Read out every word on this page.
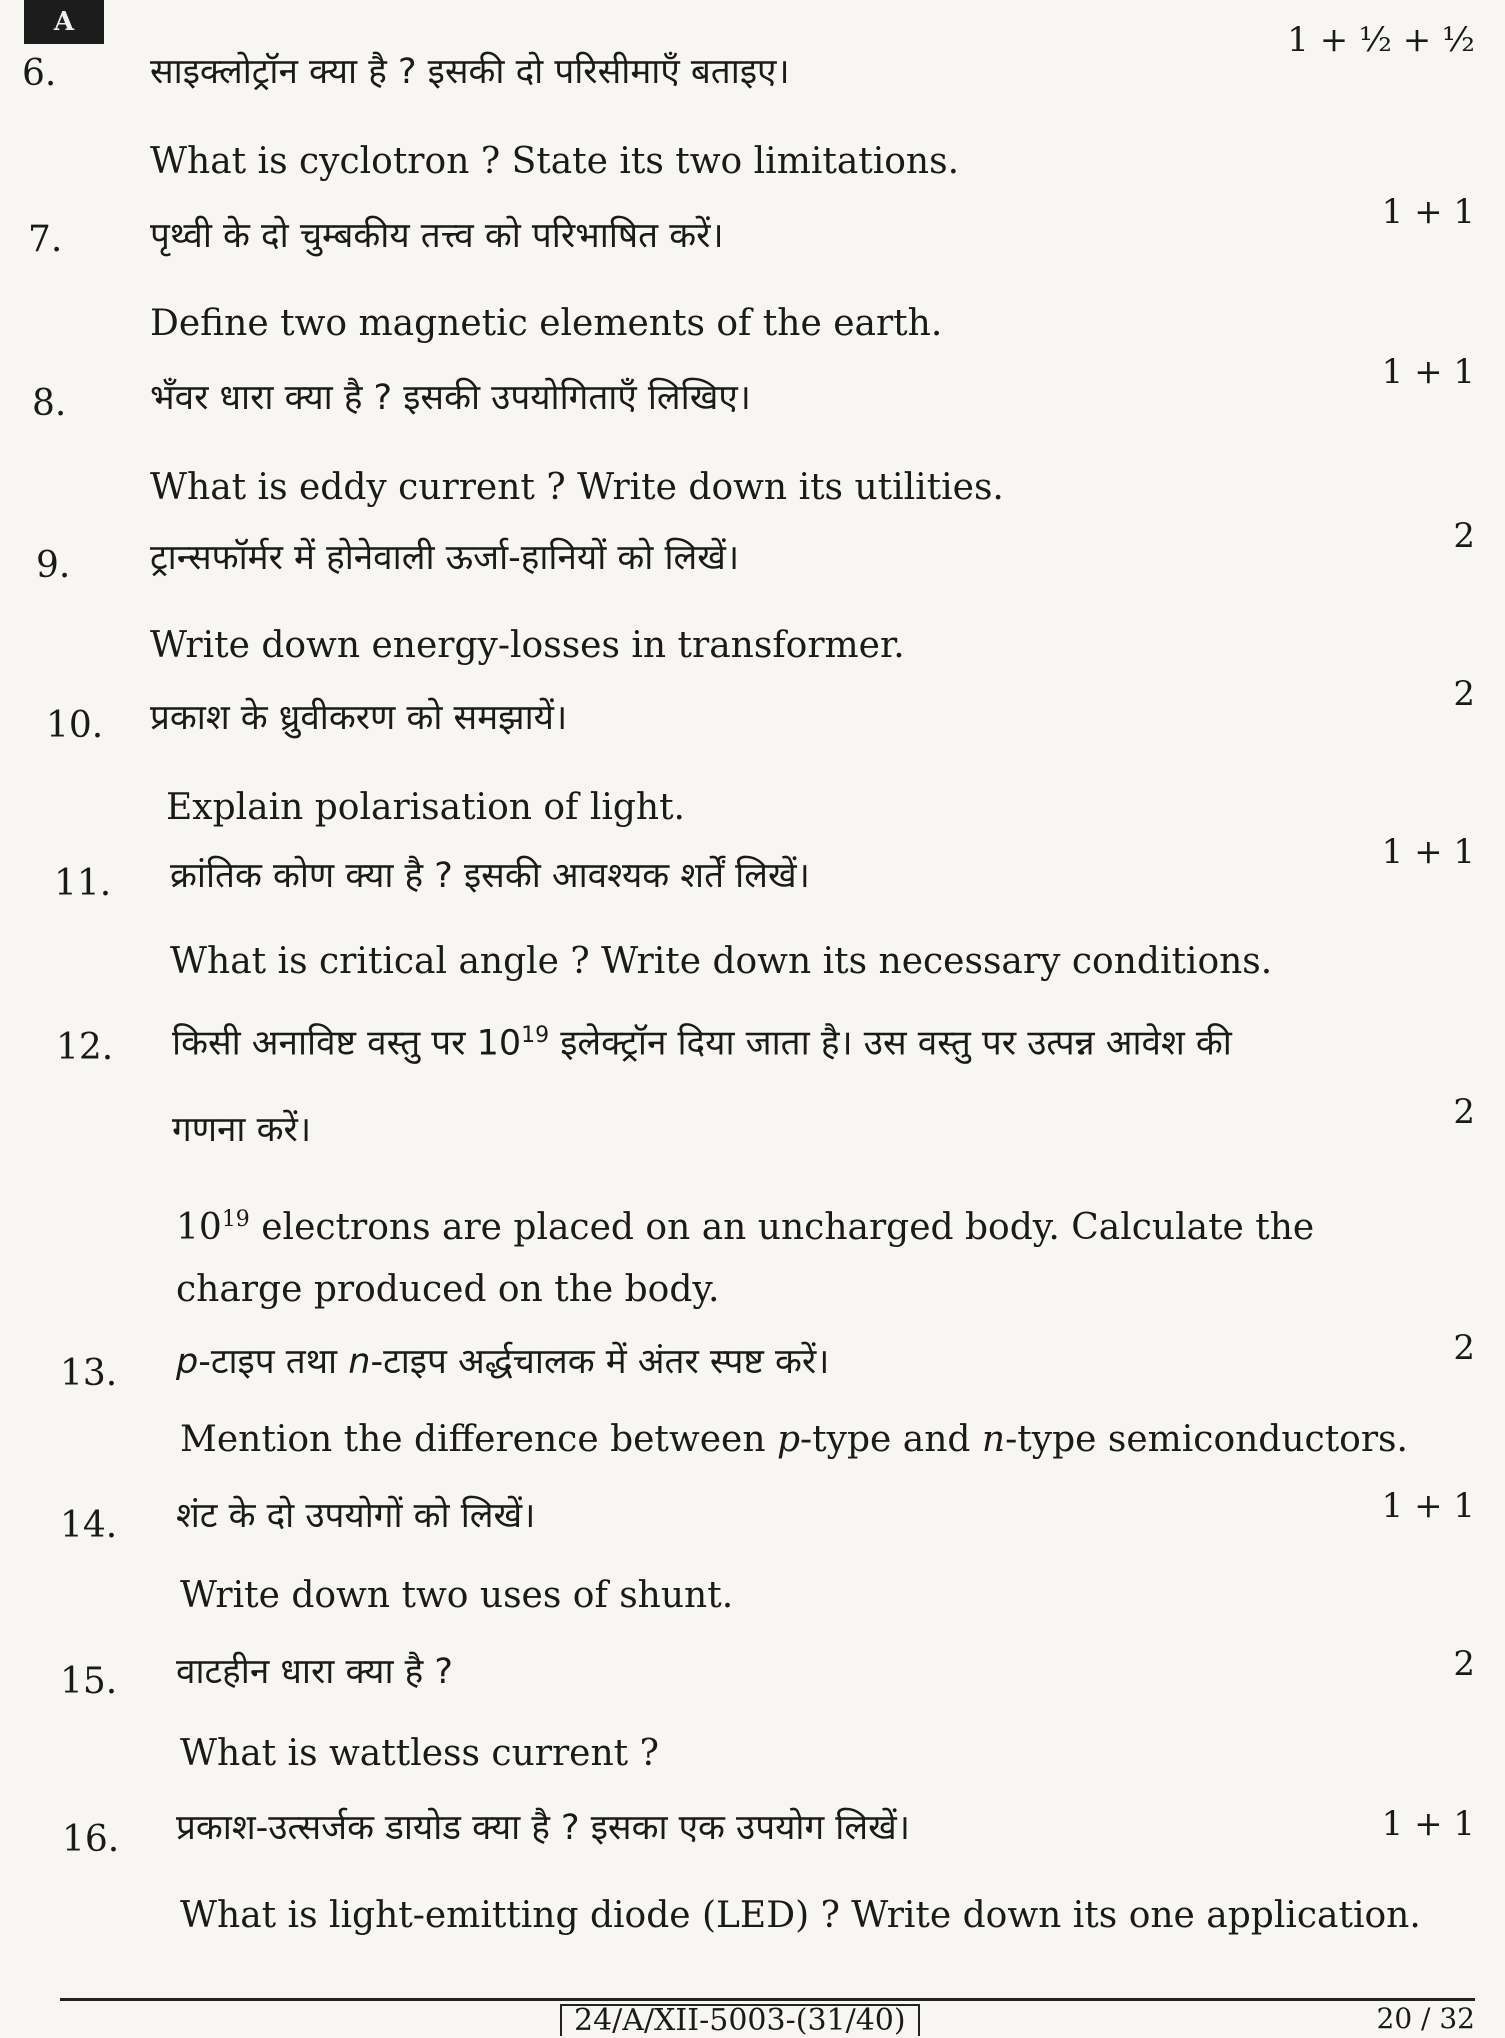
A	1 + ½ + ½
6.	साइक्लोट्रॉन क्या है ? इसकी दो परिसीमाएँ बताइए।
What is cyclotron ? State its two limitations.
1 + 1
7.	पृथ्वी के दो चुम्बकीय तत्त्व को परिभाषित करें।
Define two magnetic elements of the earth.
1 + 1
8. भँवर धारा क्या है ? इसकी उपयोगिताएँ लिखिए।
What is eddy current ? Write down its utilities.
2
9. ट्रान्सफॉर्मर में होनेवाली ऊर्जा-हानियों को लिखें।
Write down energy-losses in transformer.
2
10. प्रकाश के ध्रुवीकरण को समझायें।
Explain polarisation of light.
1 + 1
11. क्रांतिक कोण क्या है ? इसकी आवश्यक शर्तें लिखें।
What is critical angle ? Write down its necessary conditions.
12. किसी अनाविष्ट वस्तु पर $10^{19}$ इलेक्ट्रॉन दिया जाता है। उस वस्तु पर उत्पन्न आवेश की
गणना करें।	2
$10^{19}$ electrons are placed on an uncharged body. Calculate the
charge produced on the body.
2
13. p-टाइप तथा n-टाइप अर्द्धचालक में अंतर स्पष्ट करें।
Mention the difference between p-type and n-type semiconductors.
1 + 1
14. शंट के दो उपयोगों को लिखें।
Write down two uses of shunt.
2
15. वाटहीन धारा क्या है ?
What is wattless current ?
1 + 1
16. प्रकाश-उत्सर्जक डायोड क्या है ? इसका एक उपयोग लिखें।
What is light-emitting diode (LED) ? Write down its one application.
24/A/XII-5003-(31/40)	20 / 32
